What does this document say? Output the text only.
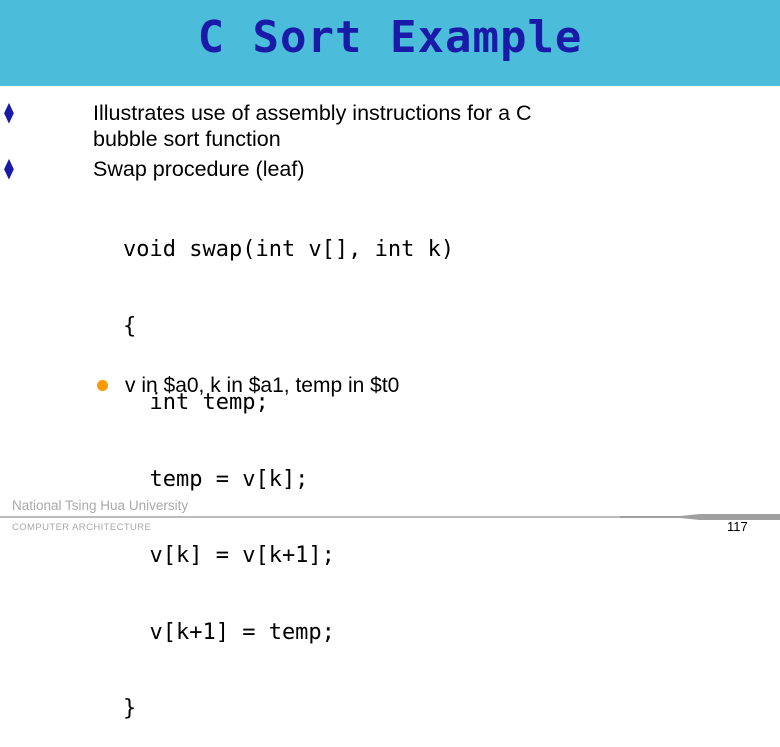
C Sort Example
⧫	Illustrates use of assembly instructions for a C
bubble sort function
⧫	Swap procedure (leaf)

void swap(int v[], int k)

{

int temp;

temp = v[k];

v[k] = v[k+1];

v[k+1] = temp;

}

v in $a0, k in $a1, temp in $t0
National Tsing Hua University
COMPUTER ARCHITECTURE	117
